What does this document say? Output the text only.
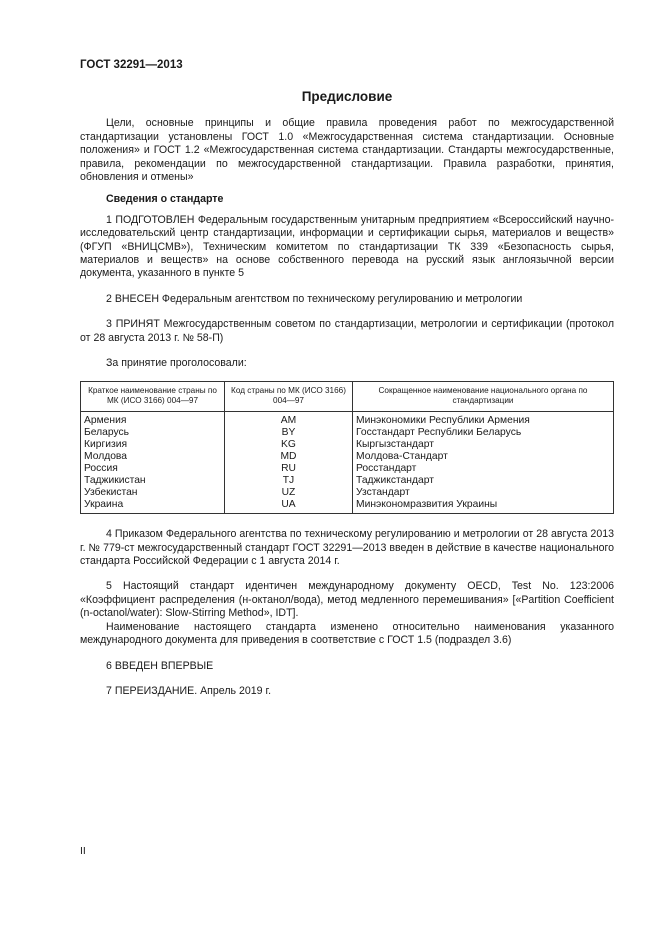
ГОСТ 32291—2013
Предисловие

Цели, основные принципы и общие правила проведения работ по межгосударственной стандартизации установлены ГОСТ 1.0 «Межгосударственная система стандартизации. Основные положения» и ГОСТ 1.2 «Межгосударственная система стандартизации. Стандарты межгосударственные, правила, рекомендации по межгосударственной стандартизации. Правила разработки, принятия, обновления и отмены»

Сведения о стандарте

1 ПОДГОТОВЛЕН Федеральным государственным унитарным предприятием «Всероссийский научно-исследовательский центр стандартизации, информации и сертификации сырья, материалов и веществ» (ФГУП «ВНИЦСМВ»), Техническим комитетом по стандартизации ТК 339 «Безопасность сырья, материалов и веществ» на основе собственного перевода на русский язык англоязычной версии документа, указанного в пункте 5

2 ВНЕСЕН Федеральным агентством по техническому регулированию и метрологии

3 ПРИНЯТ Межгосударственным советом по стандартизации, метрологии и сертификации (протокол от 28 августа 2013 г. № 58-П)

За принятие проголосовали:

Краткое наименование страны по МК (ИСО 3166) 004—97	Код страны по МК (ИСО 3166) 004—97	Сокращенное наименование национального органа по стандартизации
Армения	AM	Минэкономики Республики Армения
Беларусь	BY	Госстандарт Республики Беларусь
Киргизия	KG	Кыргызстандарт
Молдова	MD	Молдова-Стандарт
Россия	RU	Росстандарт
Таджикистан	TJ	Таджикстандарт
Узбекистан	UZ	Узстандарт
Украина	UA	Минэкономразвития Украины

4 Приказом Федерального агентства по техническому регулированию и метрологии от 28 августа 2013 г. № 779-ст межгосударственный стандарт ГОСТ 32291—2013 введен в действие в качестве национального стандарта Российской Федерации с 1 августа 2014 г.

5 Настоящий стандарт идентичен международному документу OECD, Test No. 123:2006 «Коэффициент распределения (н-октанол/вода), метод медленного перемешивания» [«Partition Coefficient (n-octanol/water): Slow-Stirring Method», IDT].

Наименование настоящего стандарта изменено относительно наименования указанного международного документа для приведения в соответствие с ГОСТ 1.5 (подраздел 3.6)

6 ВВЕДЕН ВПЕРВЫЕ

7 ПЕРЕИЗДАНИЕ. Апрель 2019 г.

II
